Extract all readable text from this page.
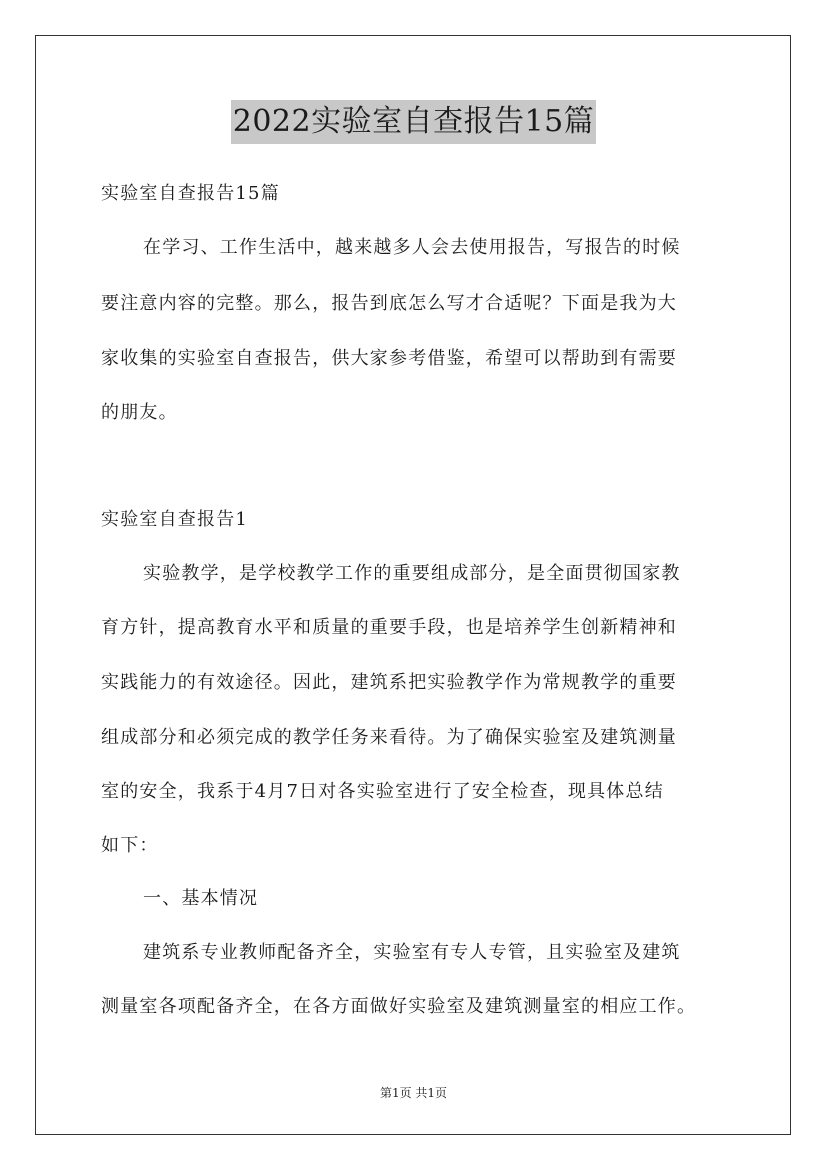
2022实验室自查报告15篇
实验室自查报告15篇
在学习、工作生活中，越来越多人会去使用报告，写报告的时候
要注意内容的完整。那么，报告到底怎么写才合适呢？下面是我为大
家收集的实验室自查报告，供大家参考借鉴，希望可以帮助到有需要
的朋友。
实验室自查报告1
实验教学，是学校教学工作的重要组成部分，是全面贯彻国家教
育方针，提高教育水平和质量的重要手段，也是培养学生创新精神和
实践能力的有效途径。因此，建筑系把实验教学作为常规教学的重要
组成部分和必须完成的教学任务来看待。为了确保实验室及建筑测量
室的安全，我系于4月7日对各实验室进行了安全检查，现具体总结
如下：
一、基本情况
建筑系专业教师配备齐全，实验室有专人专管，且实验室及建筑
测量室各项配备齐全，在各方面做好实验室及建筑测量室的相应工作。
第1页 共1页
